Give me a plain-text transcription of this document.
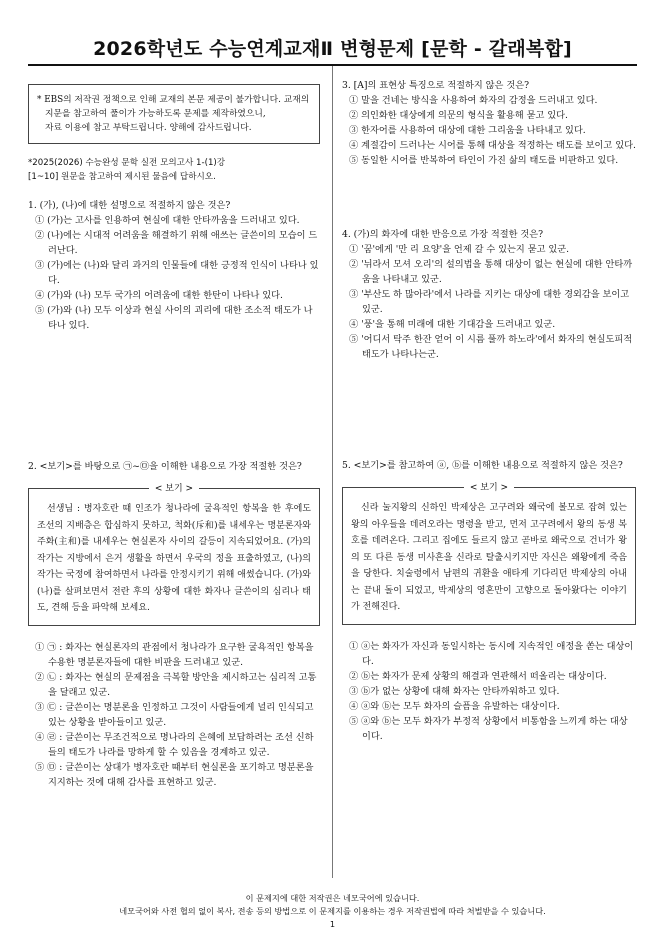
2026학년도 수능연계교재Ⅱ 변형문제 [문학 - 갈래복합]

* EBS의 저작권 정책으로 인해 교재의 본문 제공이 불가합니다. 교재의

지문을 참고하여 풀이가 가능하도록 문제를 제작하였으니,

자료 이용에 참고 부탁드립니다. 양해에 감사드립니다.

*2025(2026) 수능완성 문학 실전 모의고사 1-(1)강
[1~10] 원문을 참고하여 제시된 물음에 답하시오.
1. (가), (나)에 대한 설명으로 적절하지 않은 것은?
① (가)는 고사를 인용하여 현실에 대한 안타까움을 드러내고 있다.
② (나)에는 시대적 어려움을 해결하기 위해 애쓰는 글쓴이의 모습이 드러난다.
③ (가)에는 (나)와 달리 과거의 인물들에 대한 긍정적 인식이 나타나 있다.
④ (가)와 (나) 모두 국가의 어려움에 대한 한탄이 나타나 있다.
⑤ (가)와 (나) 모두 이상과 현실 사이의 괴리에 대한 조소적 태도가 나타나 있다.
2. <보기>를 바탕으로 ㉠~㉤을 이해한 내용으로 가장 적절한 것은?
< 보기 >
선생님 : 병자호란 때 인조가 청나라에 굴욕적인 항복을 한 후에도 조선의 지배층은 합심하지 못하고, 척화(斥和)를 내세우는 명분론자와 주화(主和)를 내세우는 현실론자 사이의 갈등이 지속되었어요. (가)의 작가는 지방에서 은거 생활을 하면서 우국의 정을 표출하였고, (나)의 작가는 국정에 참여하면서 나라를 안정시키기 위해 애썼습니다. (가)와 (나)를 살펴보면서 전란 후의 상황에 대한 화자나 글쓴이의 심리나 태도, 견해 등을 파악해 보세요.
① ㉠ : 화자는 현실론자의 관점에서 청나라가 요구한 굴욕적인 항복을 수용한 명분론자들에 대한 비판을 드러내고 있군.
② ㉡ : 화자는 현실의 문제점을 극복할 방안을 제시하고는 심리적 고통을 달래고 있군.
③ ㉢ : 글쓴이는 명분론을 인정하고 그것이 사람들에게 널리 인식되고 있는 상황을 받아들이고 있군.
④ ㉣ : 글쓴이는 무조건적으로 명나라의 은혜에 보답하려는 조선 신하들의 태도가 나라를 망하게 할 수 있음을 경계하고 있군.
⑤ ㉤ : 글쓴이는 상대가 병자호란 때부터 현실론을 포기하고 명분론을 지지하는 것에 대해 감사를 표현하고 있군.
3. [A]의 표현상 특징으로 적절하지 않은 것은?
① 말을 건네는 방식을 사용하여 화자의 감정을 드러내고 있다.
② 의인화한 대상에게 의문의 형식을 활용해 묻고 있다.
③ 한자어를 사용하여 대상에 대한 그리움을 나타내고 있다.
④ 계절감이 드러나는 시어를 통해 대상을 적정하는 태도를 보이고 있다.
⑤ 동일한 시어를 반복하여 타인이 가진 삶의 태도를 비판하고 있다.
4. (가)의 화자에 대한 반응으로 가장 적절한 것은?
① '꿈'에게 '만 리 요양'을 언제 갈 수 있는지 묻고 있군.
② '뉘라서 모셔 오리'의 설의법을 통해 대상이 없는 현실에 대한 안타까움을 나타내고 있군.
③ '부산도 하 많아라'에서 나라를 지키는 대상에 대한 경외감을 보이고 있군.
④ '풍'을 통해 미래에 대한 기대감을 드러내고 있군.
⑤ '어디서 탁주 한잔 얻어 이 시름 풀까 하노라'에서 화자의 현실도피적 태도가 나타나는군.
5. <보기>를 참고하여 ⓐ, ⓑ를 이해한 내용으로 적절하지 않은 것은?
< 보기 >
신라 눌지왕의 신하인 박제상은 고구려와 왜국에 볼모로 잡혀 있는 왕의 아우들을 데려오라는 명령을 받고, 먼저 고구려에서 왕의 동생 복호를 데려온다. 그리고 집에도 들르지 않고 곧바로 왜국으로 건너가 왕의 또 다른 동생 미사흔을 신라로 탈출시키지만 자신은 왜왕에게 죽음을 당한다. 치술령에서 남편의 귀환을 애타게 기다리던 박제상의 아내는 끝내 돌이 되었고, 박제상의 영혼만이 고향으로 돌아왔다는 이야기가 전해진다.
① ⓐ는 화자가 자신과 동일시하는 동시에 지속적인 애정을 쏟는 대상이다.
② ⓑ는 화자가 문제 상황의 해결과 연관해서 떠올리는 대상이다.
③ ⓑ가 없는 상황에 대해 화자는 안타까워하고 있다.
④ ⓐ와 ⓑ는 모두 화자의 슬픔을 유발하는 대상이다.
⑤ ⓐ와 ⓑ는 모두 화자가 부정적 상황에서 비통함을 느끼게 하는 대상이다.
이 문제지에 대한 저작권은 네모국어에 있습니다.
네모국어와 사전 협의 없이 복사, 전송 등의 방법으로 이 문제지를 이용하는 경우 저작권법에 따라 처벌받을 수 있습니다.
1
